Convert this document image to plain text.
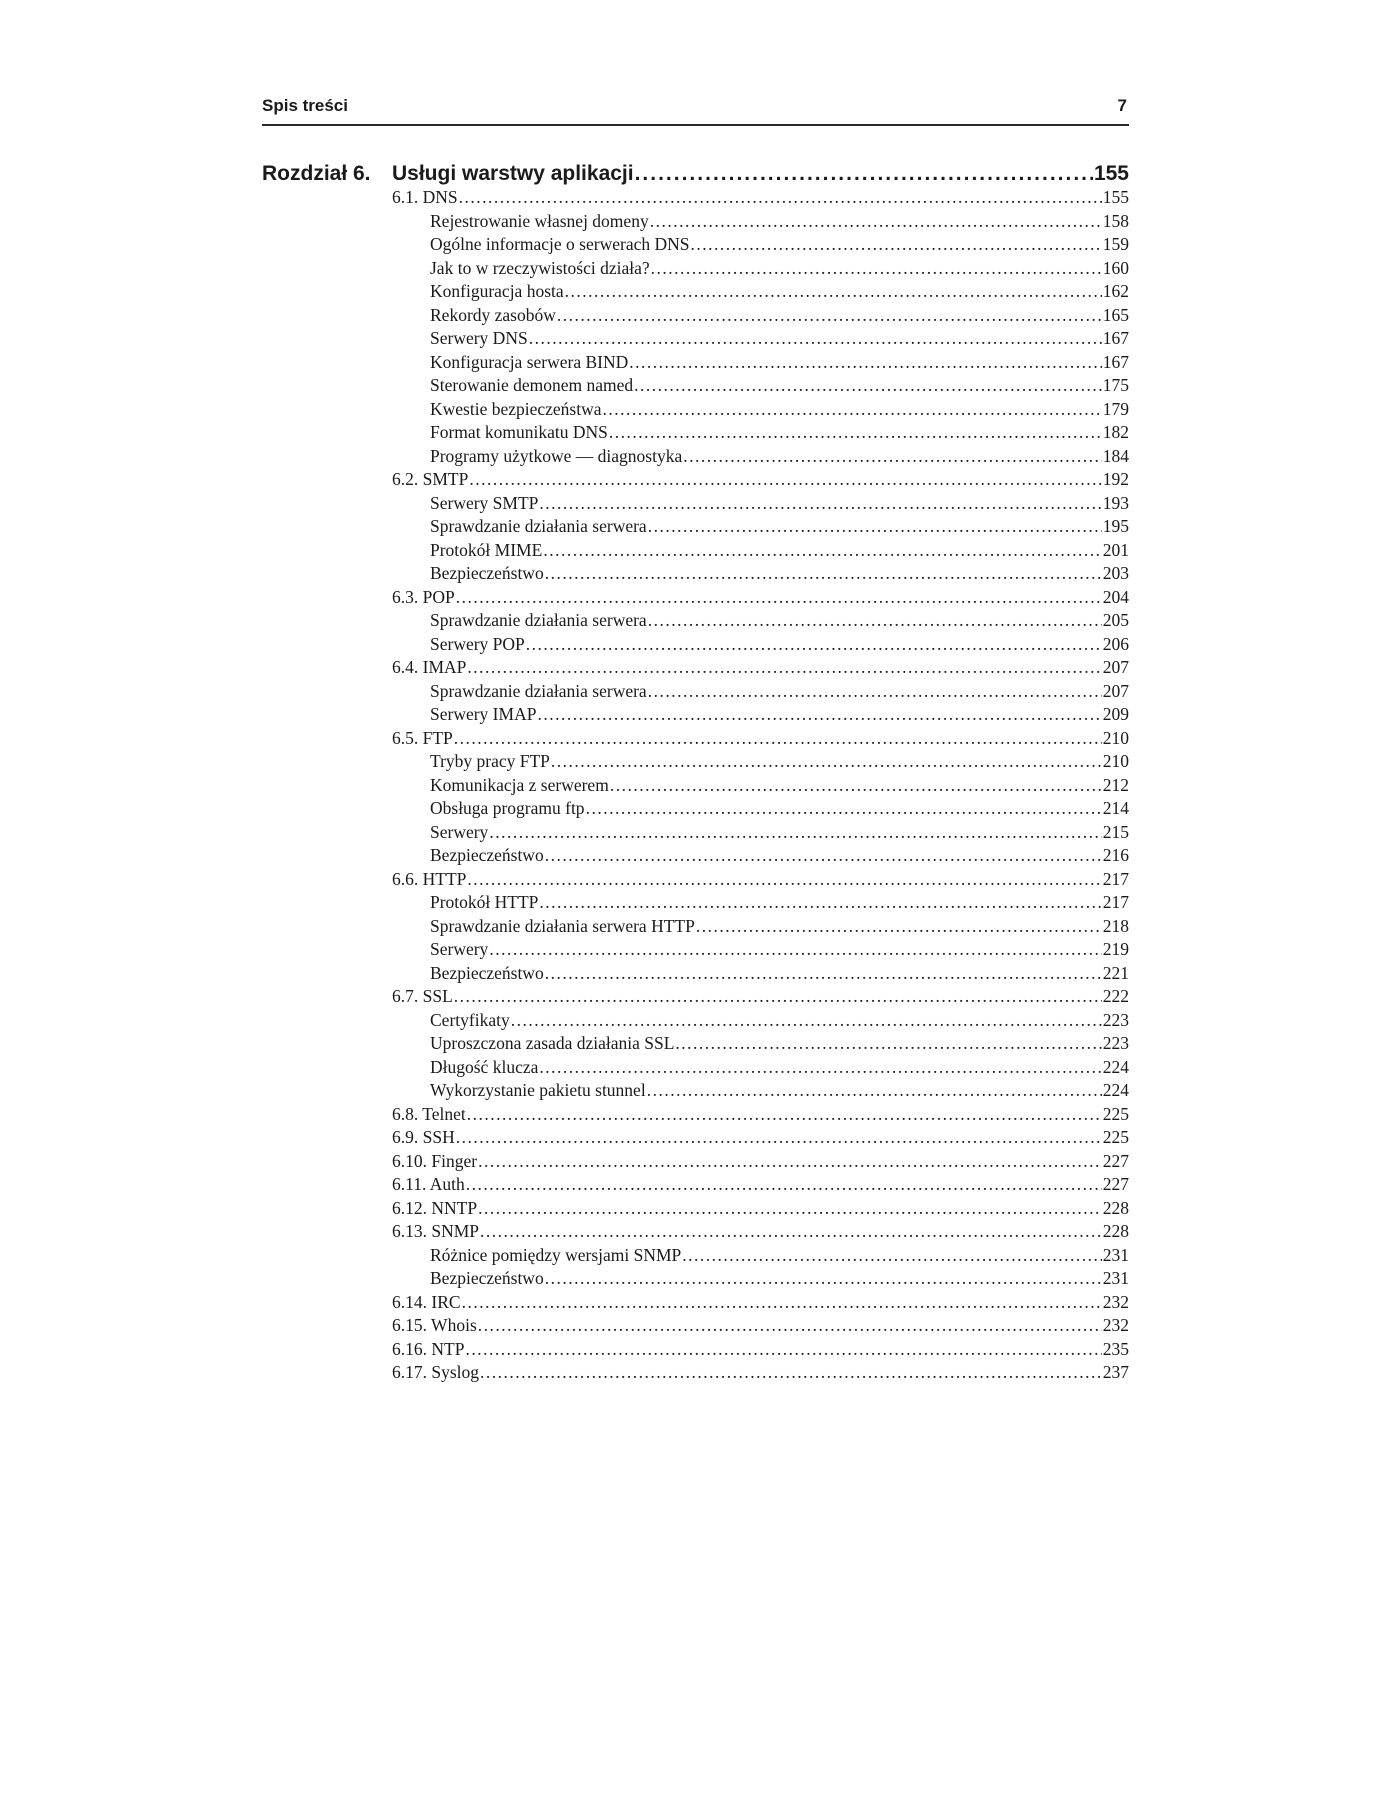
Spis treści	7
Rozdział 6. Usługi warstwy aplikacji .....	155
6.1. DNS .....	155
Rejestrowanie własnej domeny .....	158
Ogólne informacje o serwerach DNS .....	159
Jak to w rzeczywistości działa? .....	160
Konfiguracja hosta .....	162
Rekordy zasobów .....	165
Serwery DNS .....	167
Konfiguracja serwera BIND .....	167
Sterowanie demonem named .....	175
Kwestie bezpieczeństwa .....	179
Format komunikatu DNS .....	182
Programy użytkowe — diagnostyka .....	184
6.2. SMTP .....	192
Serwery SMTP .....	193
Sprawdzanie działania serwera .....	195
Protokół MIME .....	201
Bezpieczeństwo .....	203
6.3. POP .....	204
Sprawdzanie działania serwera .....	205
Serwery POP .....	206
6.4. IMAP .....	207
Sprawdzanie działania serwera .....	207
Serwery IMAP .....	209
6.5. FTP .....	210
Tryby pracy FTP .....	210
Komunikacja z serwerem .....	212
Obsługa programu ftp .....	214
Serwery .....	215
Bezpieczeństwo .....	216
6.6. HTTP .....	217
Protokół HTTP .....	217
Sprawdzanie działania serwera HTTP .....	218
Serwery .....	219
Bezpieczeństwo .....	221
6.7. SSL .....	222
Certyfikaty .....	223
Uproszczona zasada działania SSL .....	223
Długość klucza .....	224
Wykorzystanie pakietu stunnel .....	224
6.8. Telnet .....	225
6.9. SSH .....	225
6.10. Finger .....	227
6.11. Auth .....	227
6.12. NNTP .....	228
6.13. SNMP .....	228
Różnice pomiędzy wersjami SNMP .....	231
Bezpieczeństwo .....	231
6.14. IRC .....	232
6.15. Whois .....	232
6.16. NTP .....	235
6.17. Syslog .....	237
